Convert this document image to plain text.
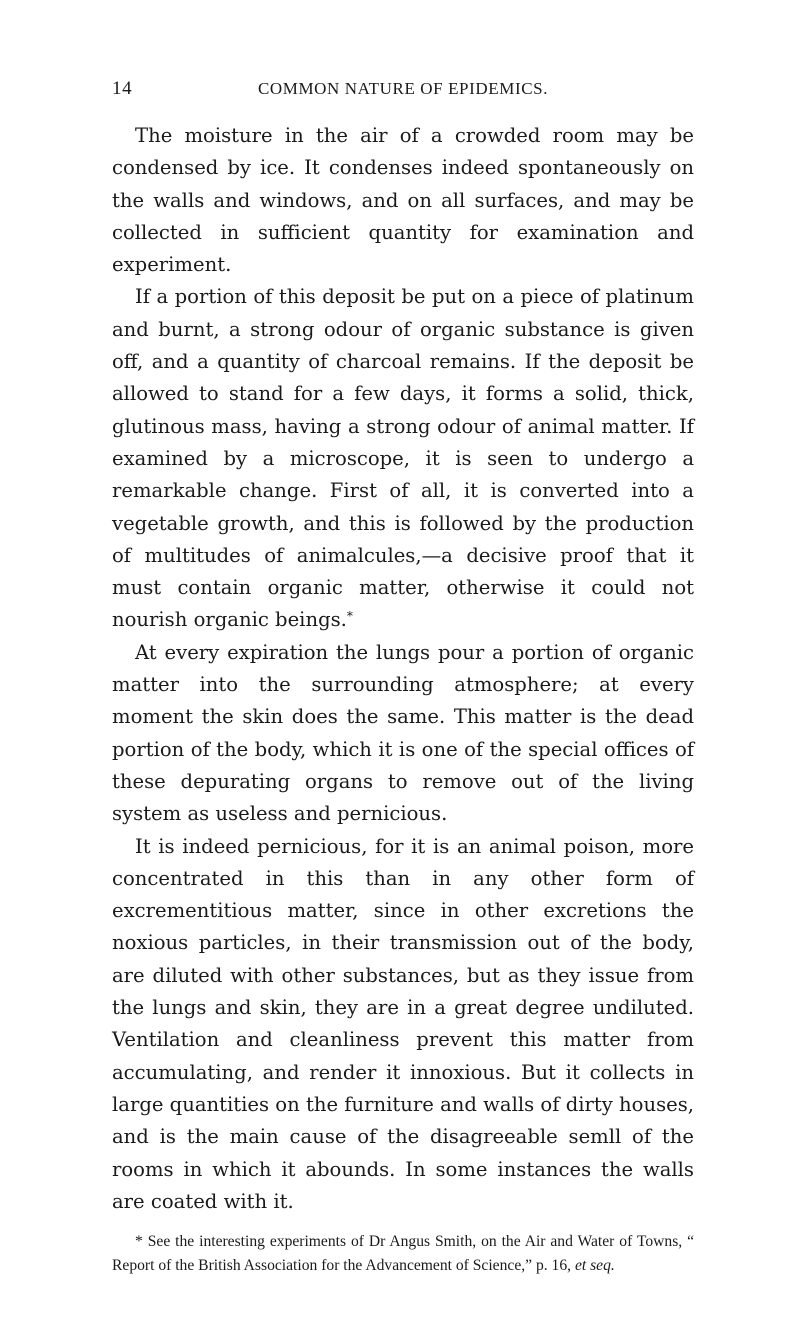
14	COMMON NATURE OF EPIDEMICS.

The moisture in the air of a crowded room may be condensed by ice. It condenses indeed spontaneously on the walls and windows, and on all surfaces, and may be collected in sufficient quantity for examination and experiment.

If a portion of this deposit be put on a piece of platinum and burnt, a strong odour of organic substance is given off, and a quantity of charcoal remains. If the deposit be allowed to stand for a few days, it forms a solid, thick, glutinous mass, having a strong odour of animal matter. If examined by a microscope, it is seen to undergo a remarkable change. First of all, it is converted into a vegetable growth, and this is followed by the production of multitudes of animalcules,—a decisive proof that it must contain organic matter, otherwise it could not nourish organic beings.*

At every expiration the lungs pour a portion of organic matter into the surrounding atmosphere; at every moment the skin does the same. This matter is the dead portion of the body, which it is one of the special offices of these depurating organs to remove out of the living system as useless and pernicious.

It is indeed pernicious, for it is an animal poison, more concentrated in this than in any other form of excrementitious matter, since in other excretions the noxious particles, in their transmission out of the body, are diluted with other substances, but as they issue from the lungs and skin, they are in a great degree undiluted. Ventilation and cleanliness prevent this matter from accumulating, and render it innoxious. But it collects in large quantities on the furniture and walls of dirty houses, and is the main cause of the disagreeable semll of the rooms in which it abounds. In some instances the walls are coated with it.

* See the interesting experiments of Dr Angus Smith, on the Air and Water of Towns, “ Report of the British Association for the Advancement of Science,” p. 16, et seq.
